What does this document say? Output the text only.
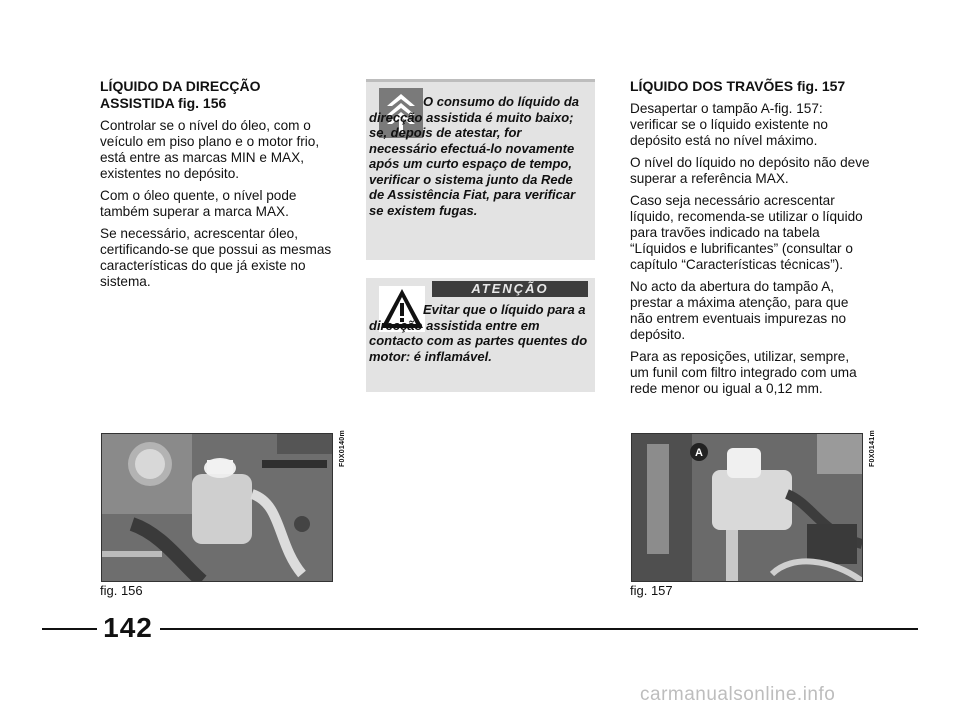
LÍQUIDO DA DIRECÇÃO ASSISTIDA fig. 156

Controlar se o nível do óleo, com o veículo em piso plano e o motor frio, está entre as marcas MIN e MAX, existentes no depósito.

Com o óleo quente, o nível pode também superar a marca MAX.

Se necessário, acrescentar óleo, certificando-se que possui as mesmas características do que já existe no sistema.

O consumo do líquido da direcção assistida é muito baixo; se, depois de atestar, for necessário efectuá-lo novamente após um curto espaço de tempo, verificar o sistema junto da Rede de Assistência Fiat, para verificar se existem fugas.
ATENÇÃO
Evitar que o líquido para a direcção assistida entre em contacto com as partes quentes do motor: é inflamável.
LÍQUIDO DOS TRAVÕES fig. 157

Desapertar o tampão A-fig. 157: verificar se o líquido existente no depósito está no nível máximo.

O nível do líquido no depósito não deve superar a referência MAX.

Caso seja necessário acrescentar líquido, recomenda-se utilizar o líquido para travões indicado na tabela “Líquidos e lubrificantes” (consultar o capítulo “Características técnicas”).

No acto da abertura do tampão A, prestar a máxima atenção, para que não entrem eventuais impurezas no depósito.

Para as reposições, utilizar, sempre, um funil com filtro integrado com uma rede menor ou igual a 0,12 mm.

F0X0140m
fig. 156
A	F0X0141m
fig. 157
142
carmanualsonline.info
